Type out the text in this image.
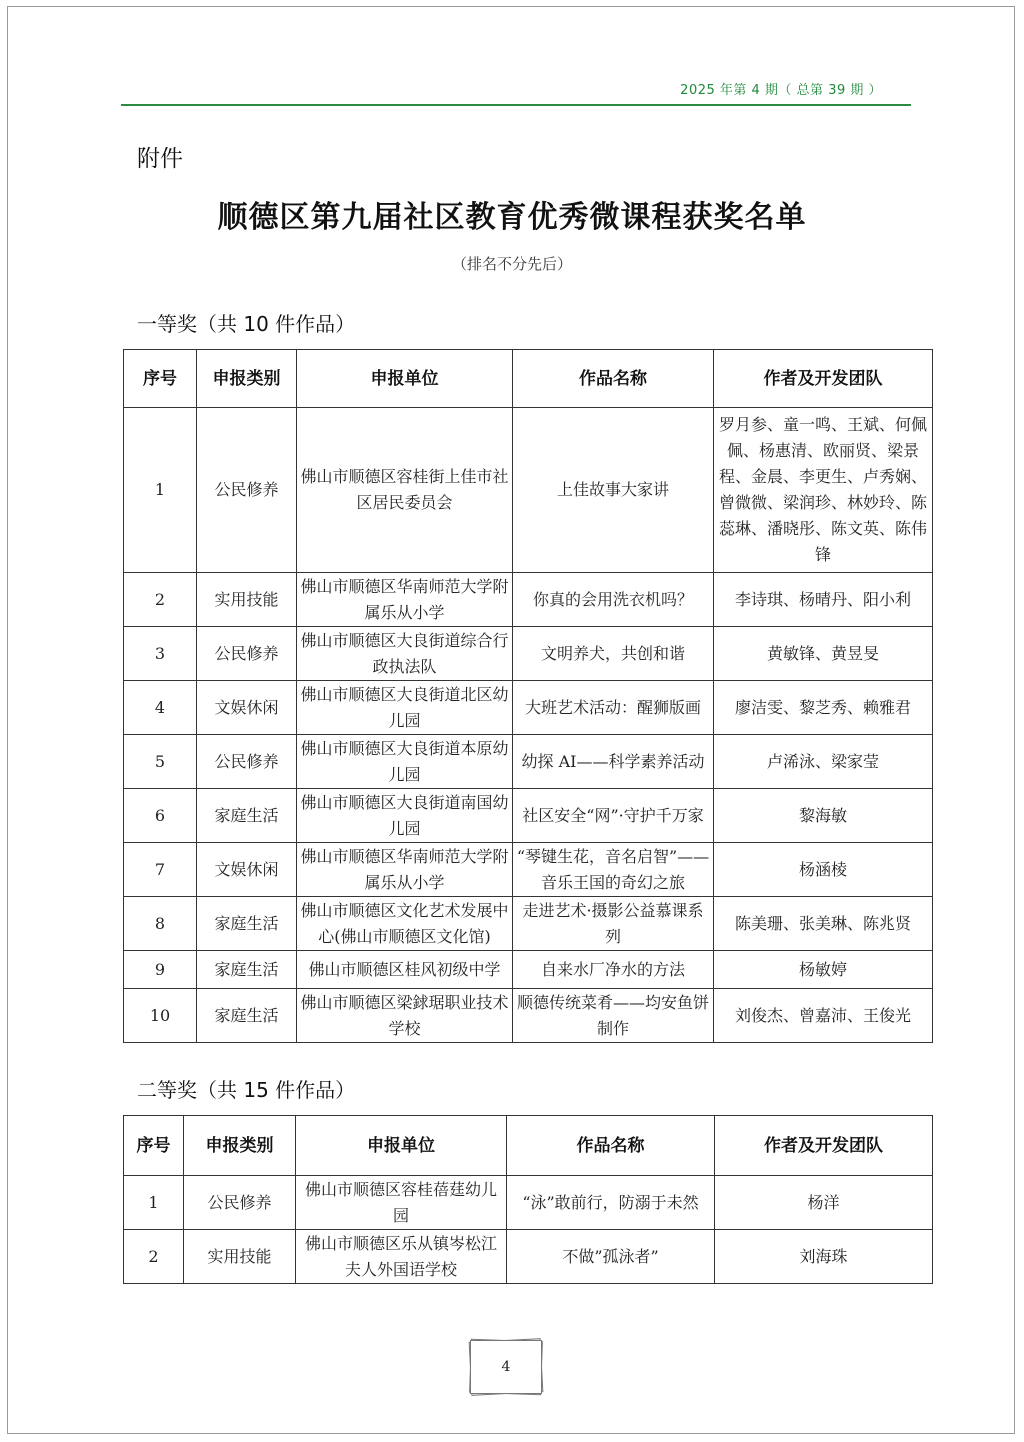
2025 年第 4 期（ 总第 39 期 ）
附件
顺德区第九届社区教育优秀微课程获奖名单
（排名不分先后）
一等奖（共 10 件作品）
序号	申报类别	申报单位	作品名称	作者及开发团队
1	公民修养	佛山市顺德区容桂街上佳市社区居民委员会	上佳故事大家讲	罗月参、童一鸣、王斌、何佩佩、杨惠清、欧丽贤、梁景程、金晨、李更生、卢秀娴、曾微微、梁润珍、林妙玲、陈蕊琳、潘晓彤、陈文英、陈伟锋
2	实用技能	佛山市顺德区华南师范大学附属乐从小学	你真的会用洗衣机吗？	李诗琪、杨晴丹、阳小利
3	公民修养	佛山市顺德区大良街道综合行政执法队	文明养犬，共创和谐	黄敏锋、黄昱旻
4	文娱休闲	佛山市顺德区大良街道北区幼儿园	大班艺术活动：醒狮版画	廖洁雯、黎芝秀、赖雅君
5	公民修养	佛山市顺德区大良街道本原幼儿园	幼探 AI——科学素养活动	卢浠泳、梁家莹
6	家庭生活	佛山市顺德区大良街道南国幼儿园	社区安全“网”·守护千万家	黎海敏
7	文娱休闲	佛山市顺德区华南师范大学附属乐从小学	“琴键生花，音名启智”——音乐王国的奇幻之旅	杨涵棱
8	家庭生活	佛山市顺德区文化艺术发展中心(佛山市顺德区文化馆)	走进艺术·摄影公益慕课系列	陈美珊、张美琳、陈兆贤
9	家庭生活	佛山市顺德区桂风初级中学	自来水厂净水的方法	杨敏婷
10	家庭生活	佛山市顺德区梁銶琚职业技术学校	顺德传统菜肴——均安鱼饼制作	刘俊杰、曾嘉沛、王俊光
二等奖（共 15 件作品）
序号	申报类别	申报单位	作品名称	作者及开发团队
1	公民修养	佛山市顺德区容桂蓓莛幼儿园	“泳”敢前行，防溺于未然	杨洋
2	实用技能	佛山市顺德区乐从镇岑松江夫人外国语学校	不做”孤泳者”	刘海珠
4
